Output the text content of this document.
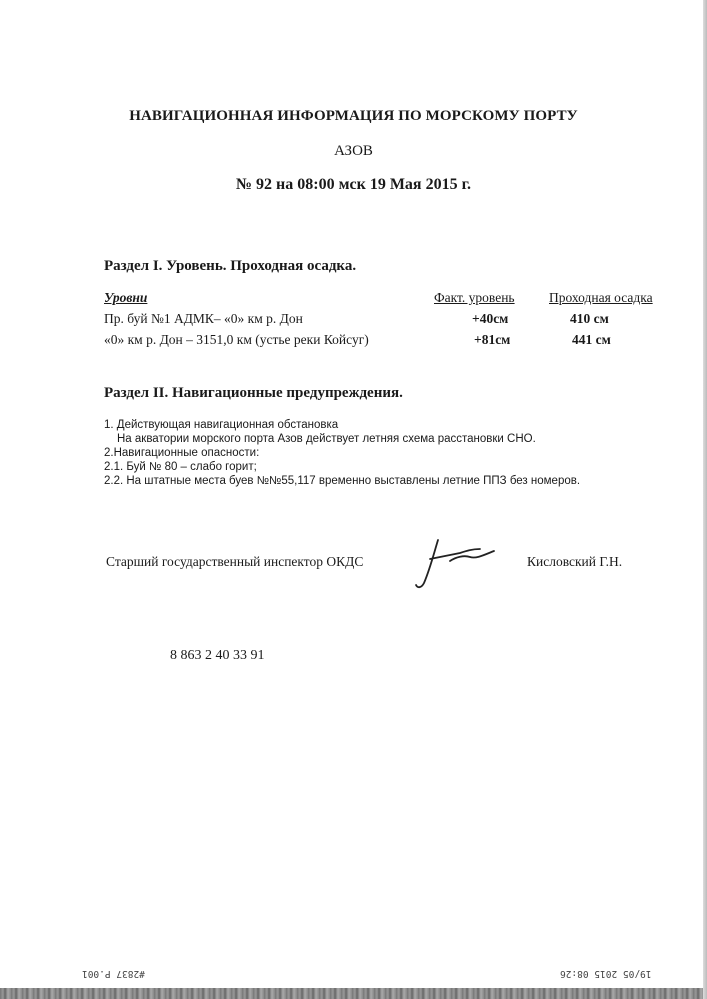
НАВИГАЦИОННАЯ ИНФОРМАЦИЯ ПО МОРСКОМУ ПОРТУ
АЗОВ
№ 92 на 08:00 мск 19 Мая 2015 г.
Раздел I. Уровень. Проходная осадка.
Уровни	Факт. уровень	Проходная осадка
Пр. буй №1 АДМК– «0» км р. Дон	+40см	410 см
«0» км р. Дон – 3151,0 км (устье реки Койсуг)	+81см	441 см
Раздел II. Навигационные предупреждения.
1. Действующая навигационная обстановка
На акватории морского порта Азов действует летняя схема расстановки СНО.
2.Навигационные опасности:
2.1. Буй № 80 – слабо горит;
2.2. На штатные места буев №№55,117 временно выставлены летние ППЗ без номеров.
Старший государственный инспектор ОКДС	Кисловский Г.Н.
8 863 2 40 33 91
#2837 P.001	19/05 2015 08:26
